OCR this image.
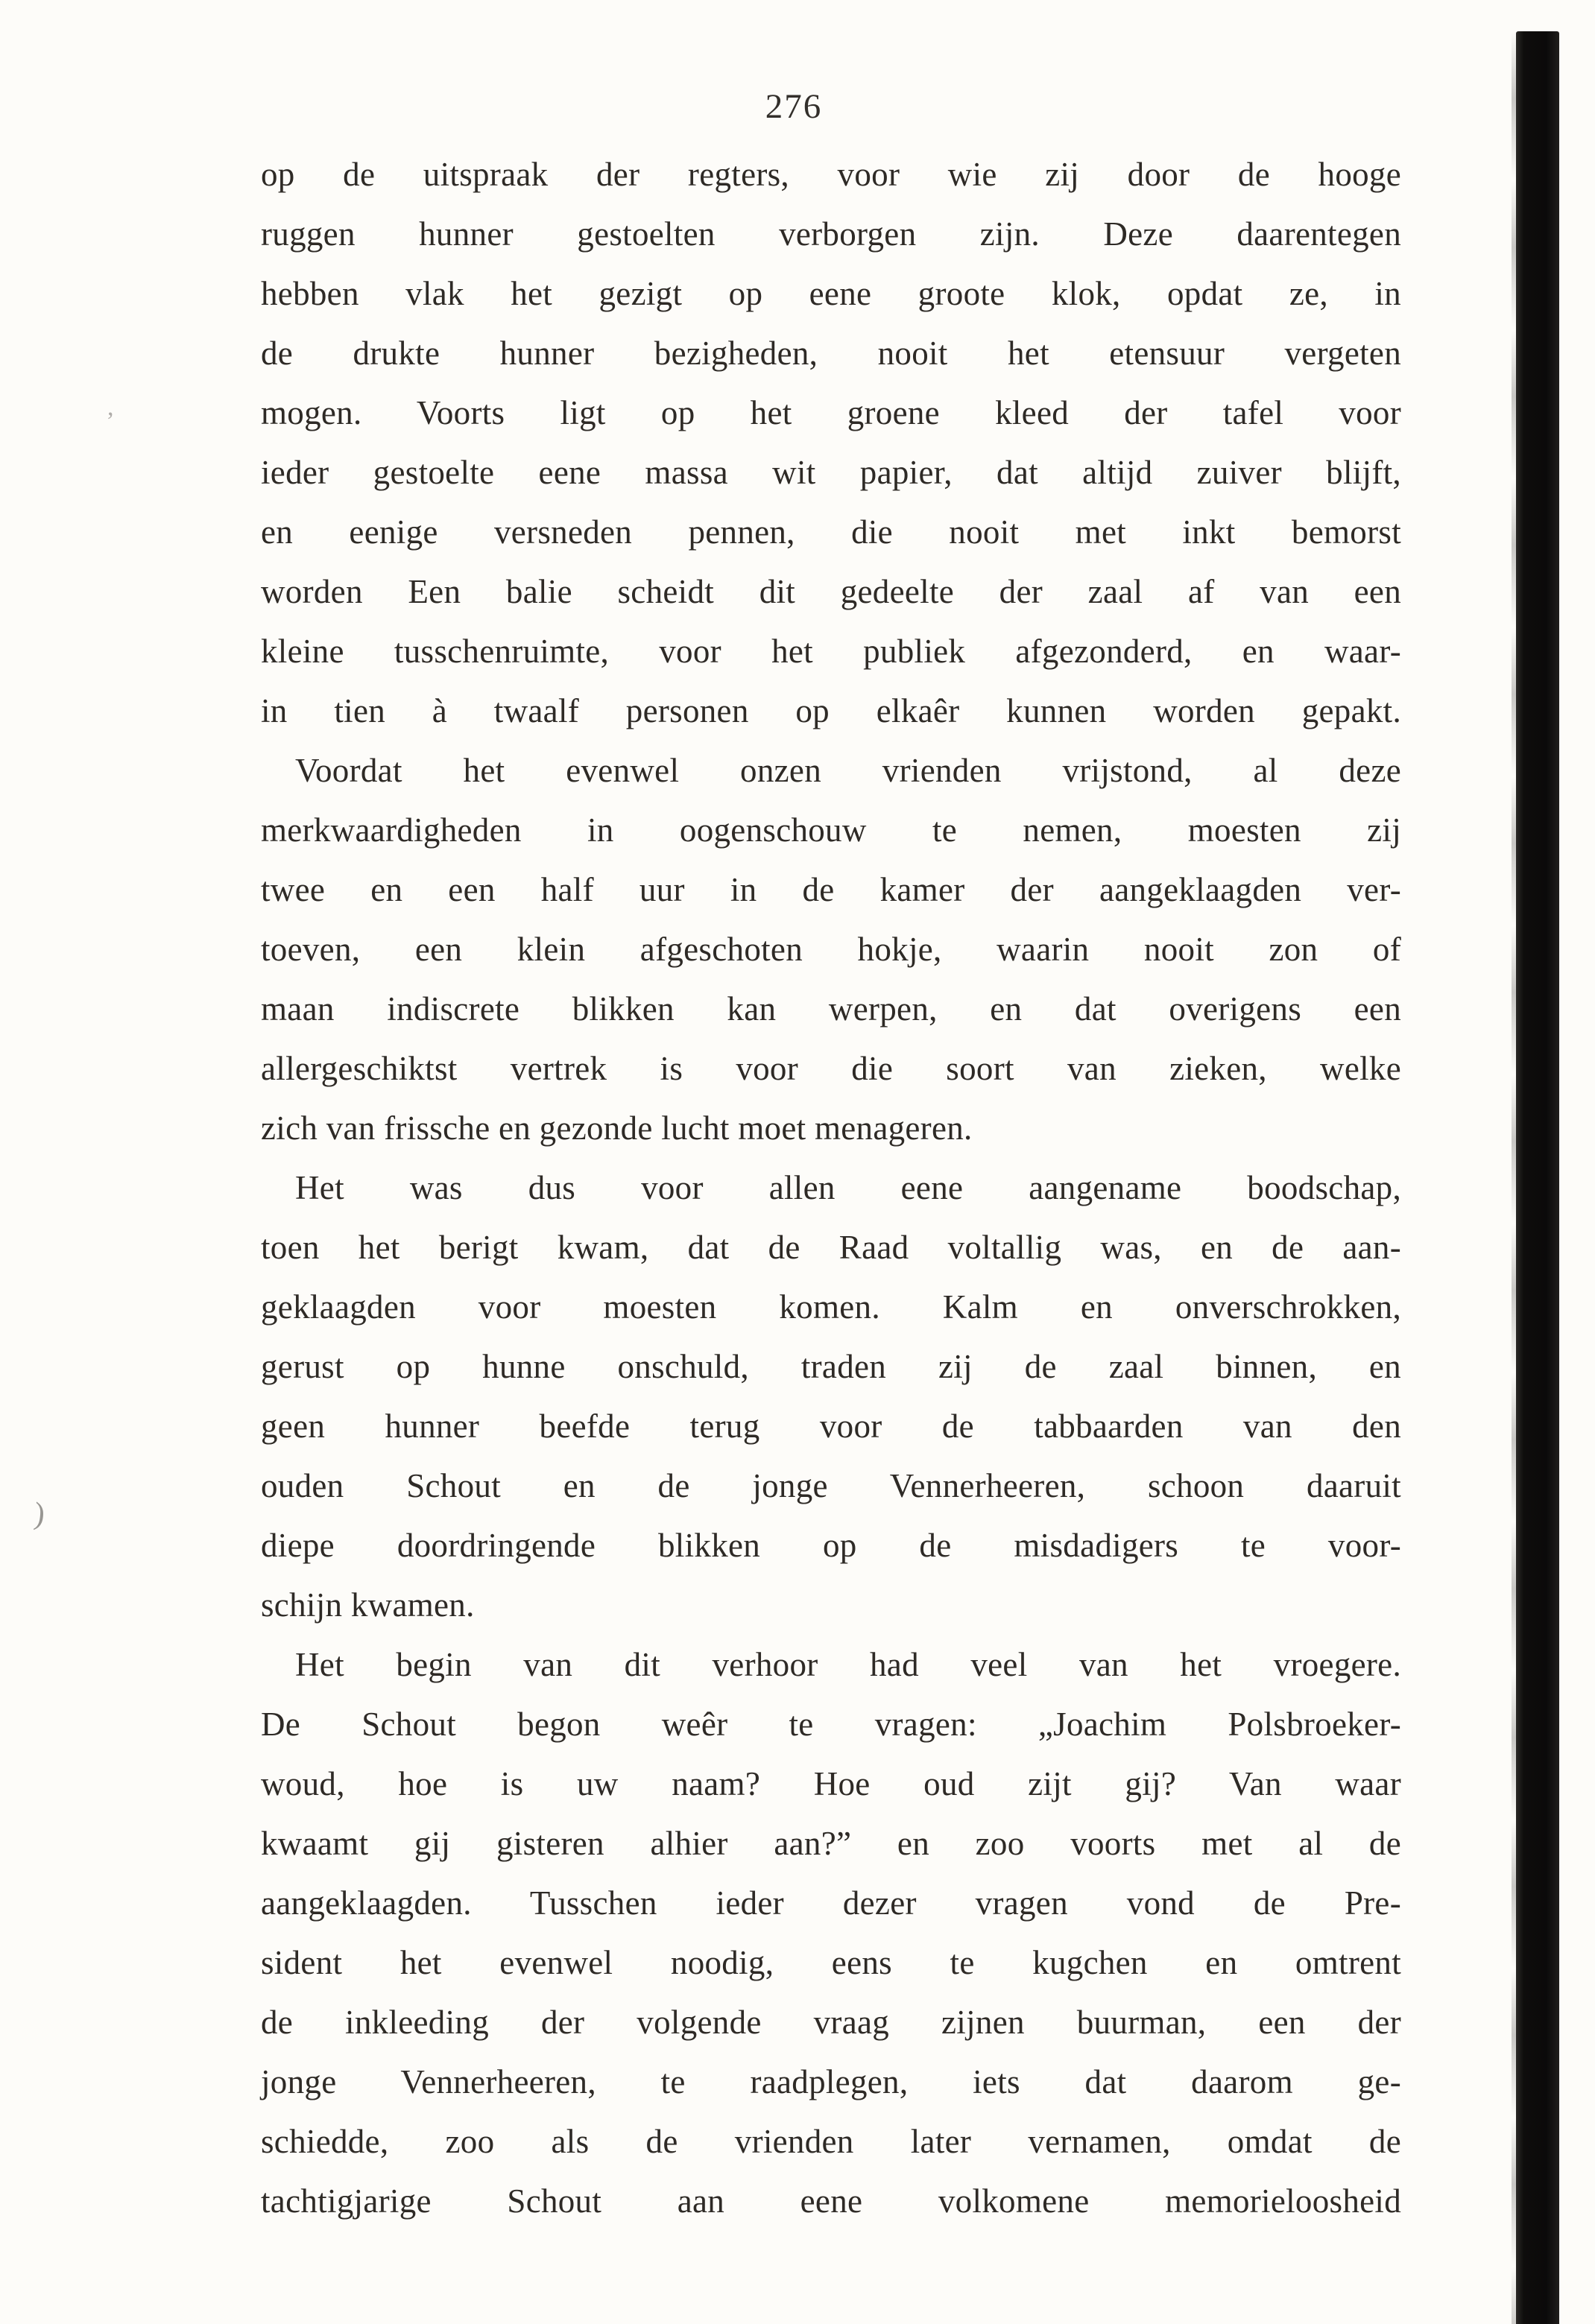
276
op de uitspraak der regters, voor wie zij door de hooge
ruggen hunner gestoelten verborgen zijn. Deze daarentegen
hebben vlak het gezigt op eene groote klok, opdat ze, in
de drukte hunner bezigheden, nooit het etensuur vergeten
mogen. Voorts ligt op het groene kleed der tafel voor
ieder gestoelte eene massa wit papier, dat altijd zuiver blijft,
en eenige versneden pennen, die nooit met inkt bemorst
worden Een balie scheidt dit gedeelte der zaal af van een
kleine tusschenruimte, voor het publiek afgezonderd, en waar-
in tien à twaalf personen op elkaêr kunnen worden gepakt.
Voordat het evenwel onzen vrienden vrijstond, al deze
merkwaardigheden in oogenschouw te nemen, moesten zij
twee en een half uur in de kamer der aangeklaagden ver-
toeven, een klein afgeschoten hokje, waarin nooit zon of
maan indiscrete blikken kan werpen, en dat overigens een
allergeschiktst vertrek is voor die soort van zieken, welke
zich van frissche en gezonde lucht moet menageren.
Het was dus voor allen eene aangename boodschap,
toen het berigt kwam, dat de Raad voltallig was, en de aan-
geklaagden voor moesten komen. Kalm en onverschrokken,
gerust op hunne onschuld, traden zij de zaal binnen, en
geen hunner beefde terug voor de tabbaarden van den
ouden Schout en de jonge Vennerheeren, schoon daaruit
diepe doordringende blikken op de misdadigers te voor-
schijn kwamen.
Het begin van dit verhoor had veel van het vroegere.
De Schout begon weêr te vragen: „Joachim Polsbroeker-
woud, hoe is uw naam? Hoe oud zijt gij? Van waar
kwaamt gij gisteren alhier aan?” en zoo voorts met al de
aangeklaagden. Tusschen ieder dezer vragen vond de Pre-
sident het evenwel noodig, eens te kugchen en omtrent
de inkleeding der volgende vraag zijnen buurman, een der
jonge Vennerheeren, te raadplegen, iets dat daarom ge-
schiedde, zoo als de vrienden later vernamen, omdat de
tachtigjarige Schout aan eene volkomene memorieloosheid
,
)
